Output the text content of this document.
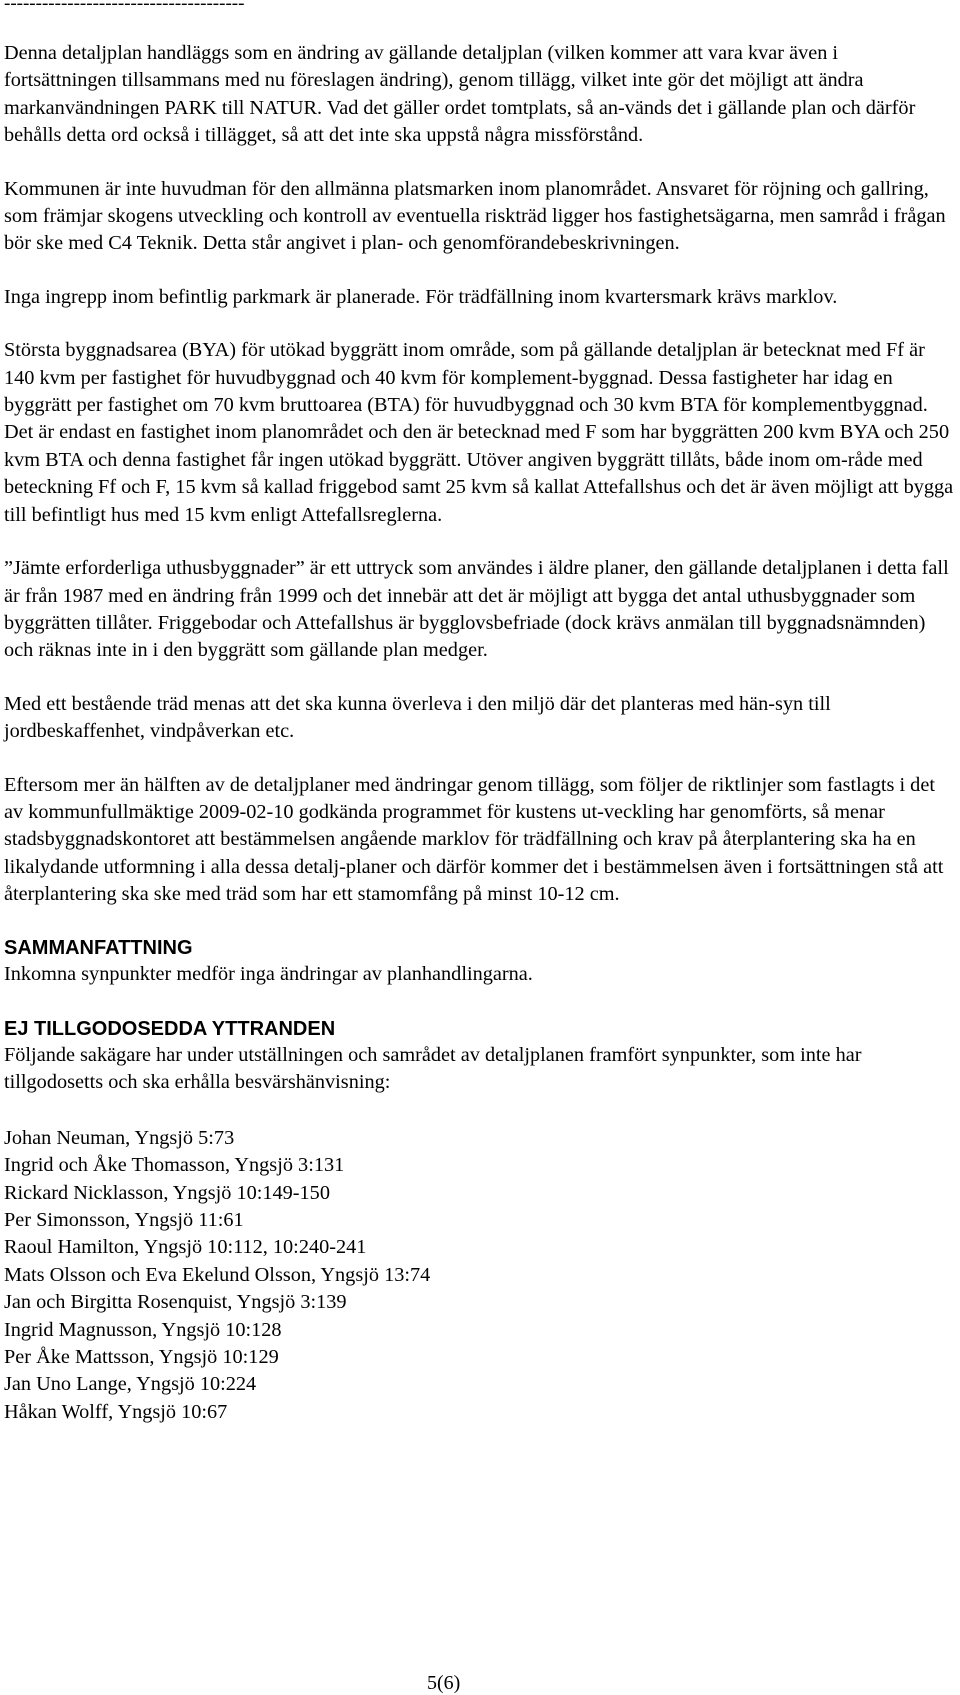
--------------------------------------

Denna detaljplan handläggs som en ändring av gällande detaljplan (vilken kommer att vara kvar även i fortsättningen tillsammans med nu föreslagen ändring), genom tillägg, vilket inte gör det möjligt att ändra markanvändningen PARK till NATUR. Vad det gäller ordet tomtplats, så an-vänds det i gällande plan och därför behålls detta ord också i tillägget, så att det inte ska uppstå några missförstånd.

Kommunen är inte huvudman för den allmänna platsmarken inom planområdet. Ansvaret för röjning och gallring, som främjar skogens utveckling och kontroll av eventuella riskträd ligger hos fastighetsägarna, men samråd i frågan bör ske med C4 Teknik. Detta står angivet i plan- och genomförandebeskrivningen.

Inga ingrepp inom befintlig parkmark är planerade. För trädfällning inom kvartersmark krävs marklov.

Största byggnadsarea (BYA) för utökad byggrätt inom område, som på gällande detaljplan är betecknat med Ff är 140 kvm per fastighet för huvudbyggnad och 40 kvm för komplement-byggnad. Dessa fastigheter har idag en byggrätt per fastighet om 70 kvm bruttoarea (BTA) för huvudbyggnad och 30 kvm BTA för komplementbyggnad. Det är endast en fastighet inom planområdet och den är betecknad med F som har byggrätten 200 kvm BYA och 250 kvm BTA och denna fastighet får ingen utökad byggrätt. Utöver angiven byggrätt tillåts, både inom om-råde med beteckning Ff och F, 15 kvm så kallad friggebod samt 25 kvm så kallat Attefallshus och det är även möjligt att bygga till befintligt hus med 15 kvm enligt Attefallsreglerna.

”Jämte erforderliga uthusbyggnader” är ett uttryck som användes i äldre planer, den gällande detaljplanen i detta fall är från 1987 med en ändring från 1999 och det innebär att det är möjligt att bygga det antal uthusbyggnader som byggrätten tillåter. Friggebodar och Attefallshus är bygglovsbefriade (dock krävs anmälan till byggnadsnämnden) och räknas inte in i den byggrätt som gällande plan medger.

Med ett bestående träd menas att det ska kunna överleva i den miljö där det planteras med hän-syn till jordbeskaffenhet, vindpåverkan etc.

Eftersom mer än hälften av de detaljplaner med ändringar genom tillägg, som följer de riktlinjer som fastlagts i det av kommunfullmäktige 2009-02-10 godkända programmet för kustens ut-veckling har genomförts, så menar stadsbyggnadskontoret att bestämmelsen angående marklov för trädfällning och krav på återplantering ska ha en likalydande utformning i alla dessa detalj-planer och därför kommer det i bestämmelsen även i fortsättningen stå att återplantering ska ske med träd som har ett stamomfång på minst 10-12 cm.

SAMMANFATTNING

Inkomna synpunkter medför inga ändringar av planhandlingarna.

EJ TILLGODOSEDDA YTTRANDEN

Följande sakägare har under utställningen och samrådet av detaljplanen framfört synpunkter, som inte har tillgodosetts och ska erhålla besvärshänvisning:

Johan Neuman, Yngsjö 5:73
Ingrid och Åke Thomasson, Yngsjö 3:131
Rickard Nicklasson, Yngsjö 10:149-150
Per Simonsson, Yngsjö 11:61
Raoul Hamilton, Yngsjö 10:112, 10:240-241
Mats Olsson och Eva Ekelund Olsson, Yngsjö 13:74
Jan och Birgitta Rosenquist, Yngsjö 3:139
Ingrid Magnusson, Yngsjö 10:128
Per Åke Mattsson, Yngsjö 10:129
Jan Uno Lange, Yngsjö 10:224
Håkan Wolff, Yngsjö 10:67
5(6)
